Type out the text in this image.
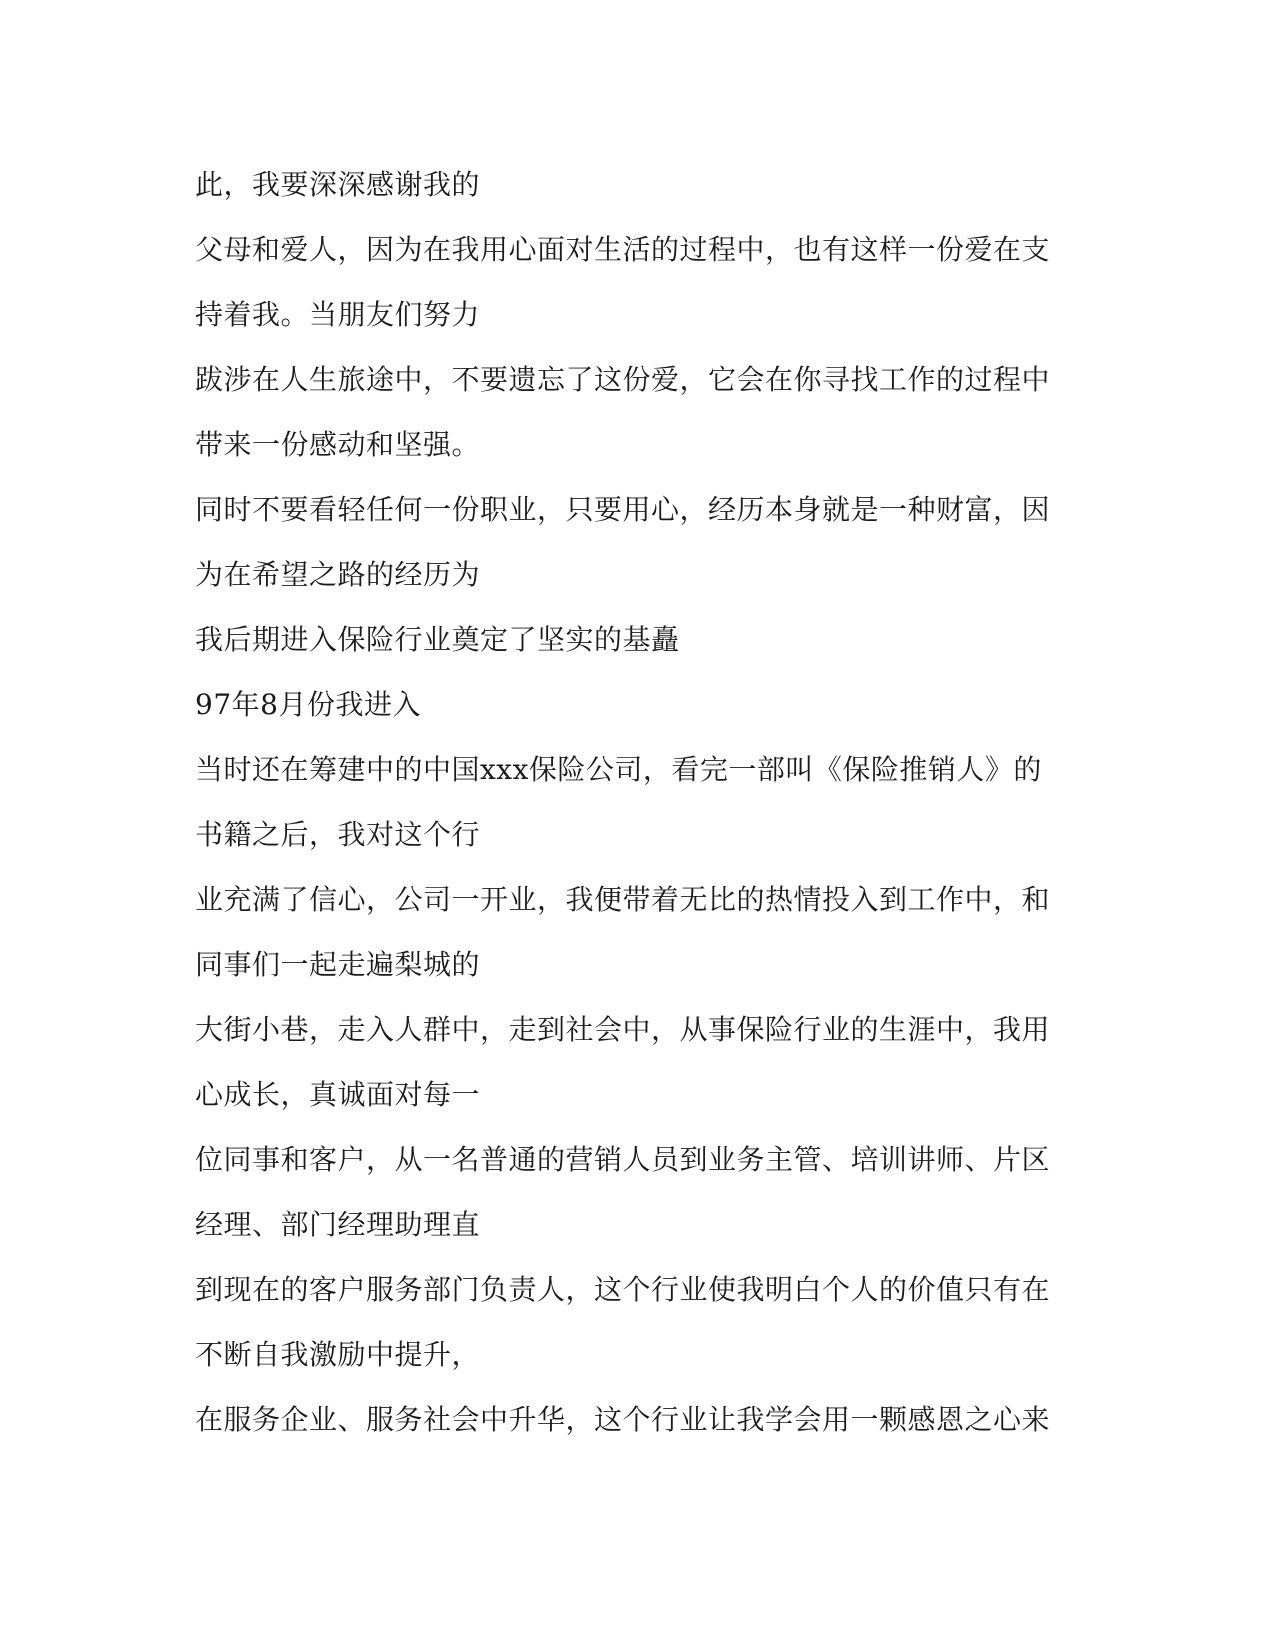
此，我要深深感谢我的
父母和爱人，因为在我用心面对生活的过程中，也有这样一份爱在支
持着我。当朋友们努力
跋涉在人生旅途中，不要遗忘了这份爱，它会在你寻找工作的过程中
带来一份感动和坚强。
同时不要看轻任何一份职业，只要用心，经历本身就是一种财富，因
为在希望之路的经历为
我后期进入保险行业奠定了坚实的基矗
97年8月份我进入
当时还在筹建中的中国xxx保险公司，看完一部叫《保险推销人》的
书籍之后，我对这个行
业充满了信心，公司一开业，我便带着无比的热情投入到工作中，和
同事们一起走遍梨城的
大街小巷，走入人群中，走到社会中，从事保险行业的生涯中，我用
心成长，真诚面对每一
位同事和客户，从一名普通的营销人员到业务主管、培训讲师、片区
经理、部门经理助理直
到现在的客户服务部门负责人，这个行业使我明白个人的价值只有在
不断自我激励中提升，
在服务企业、服务社会中升华，这个行业让我学会用一颗感恩之心来
